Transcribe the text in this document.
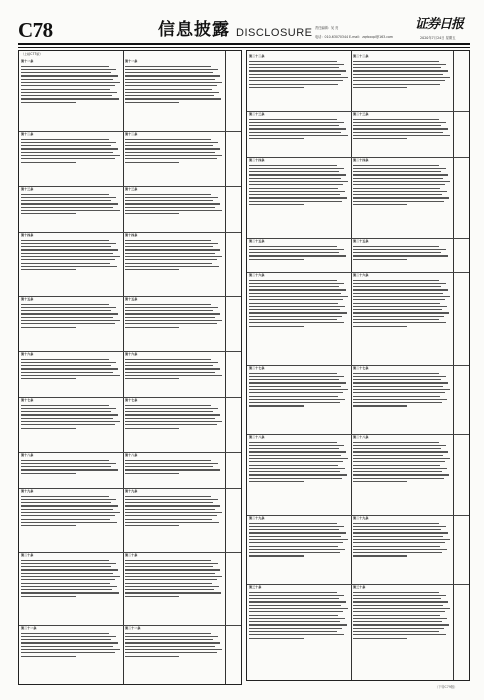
C78	信息披露 DISCLOSURE 责任编辑：吴 亮
电话：010-63070344 E-mail：zqrbxxpl@163.com
证券日报
2020年7月24日 星期五
（上接C77版）
第十一条	第十一条
第十二条	第十二条
第十三条	第十三条
第十四条	第十四条
第十五条	第十五条
第十六条	第十六条
第十七条	第十七条
第十八条	第十八条
第十九条	第十九条
第二十条	第二十条
第二十一条	第二十一条
第二十二条	第二十二条
第二十三条	第二十三条
第二十四条	第二十四条
第二十五条	第二十五条
第二十六条	第二十六条
第二十七条	第二十七条
第二十八条	第二十八条
第二十九条	第二十九条
第三十条	第三十条
（下转C79版）
